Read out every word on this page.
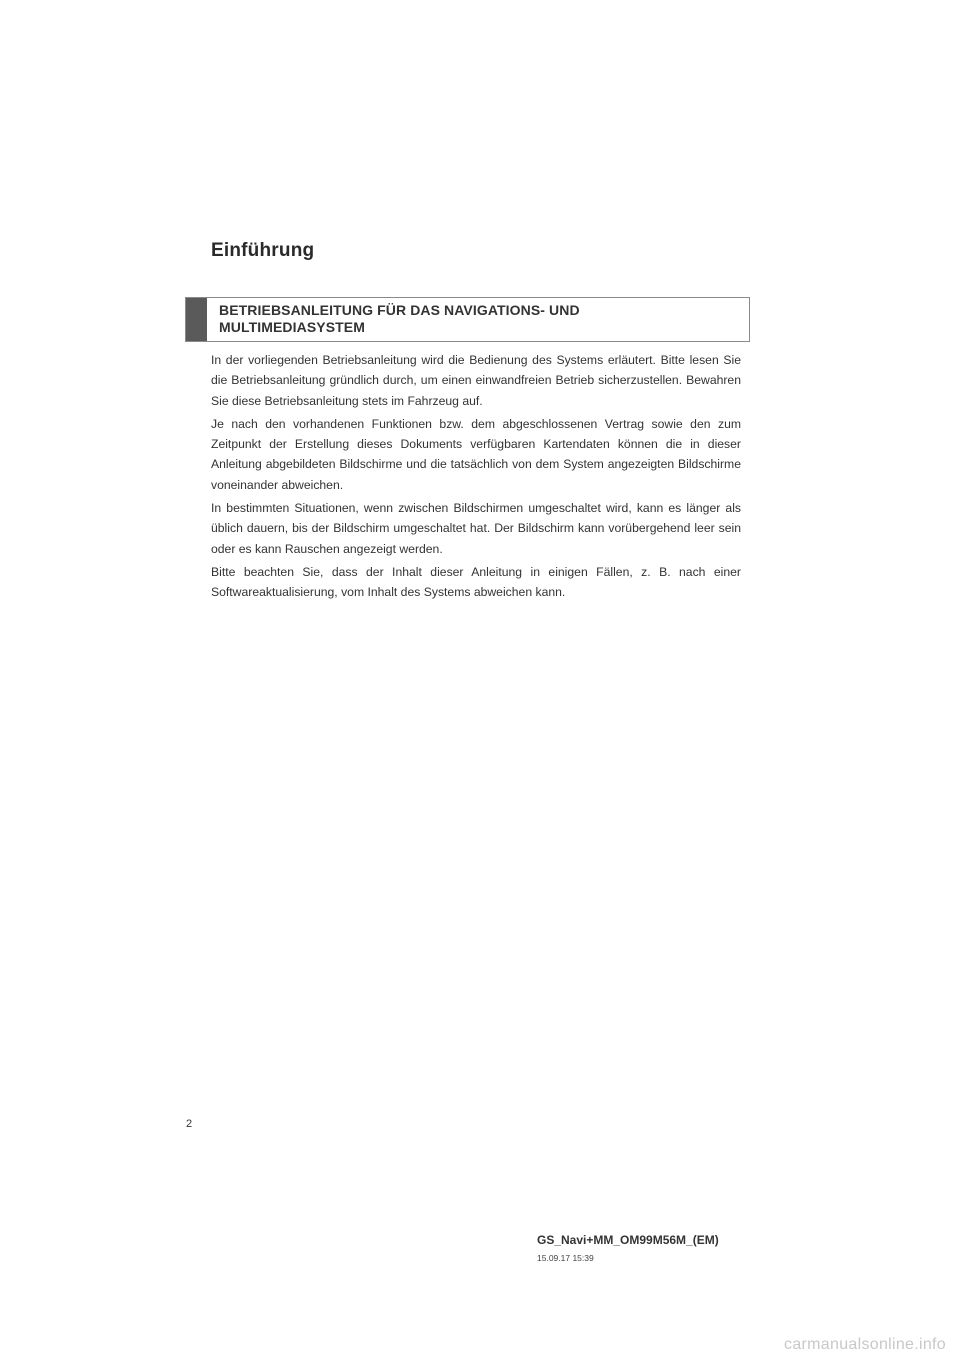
Einführung
BETRIEBSANLEITUNG FÜR DAS NAVIGATIONS- UND
MULTIMEDIASYSTEM

In der vorliegenden Betriebsanleitung wird die Bedienung des Systems erläutert. Bitte lesen Sie die Betriebsanleitung gründlich durch, um einen einwandfreien Betrieb sicherzustellen. Bewahren Sie diese Betriebsanleitung stets im Fahrzeug auf.

Je nach den vorhandenen Funktionen bzw. dem abgeschlossenen Vertrag sowie den zum Zeitpunkt der Erstellung dieses Dokuments verfügbaren Kartendaten können die in dieser Anleitung abgebildeten Bildschirme und die tatsächlich von dem System angezeigten Bildschirme voneinander abweichen.

In bestimmten Situationen, wenn zwischen Bildschirmen umgeschaltet wird, kann es länger als üblich dauern, bis der Bildschirm umgeschaltet hat. Der Bildschirm kann vorübergehend leer sein oder es kann Rauschen angezeigt werden.

Bitte beachten Sie, dass der Inhalt dieser Anleitung in einigen Fällen, z. B. nach einer Softwareaktualisierung, vom Inhalt des Systems abweichen kann.

2
GS_Navi+MM_OM99M56M_(EM)
15.09.17 15:39
carmanualsonline.info
